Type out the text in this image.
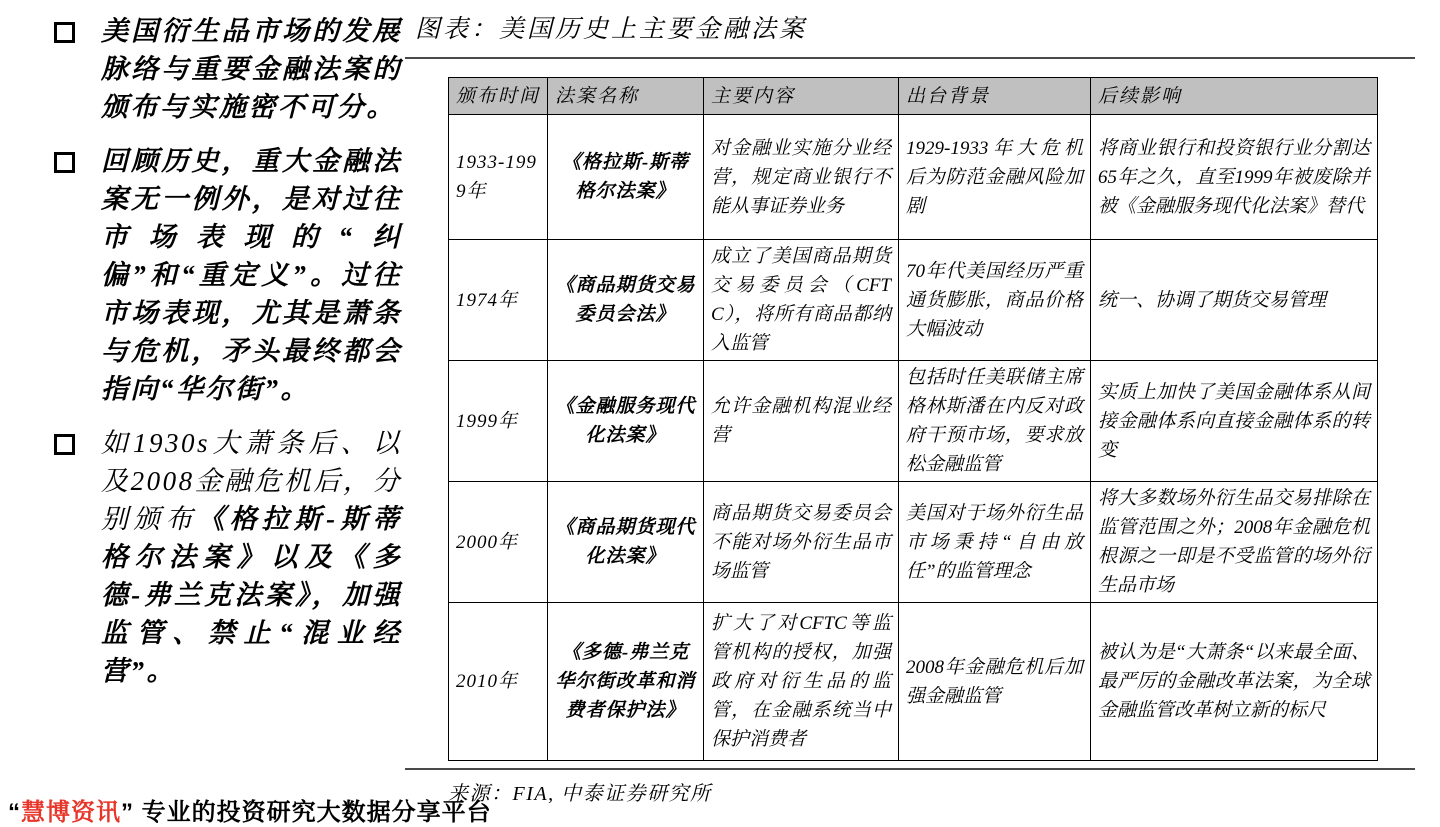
美国衍生品市场的发展脉络与重要金融法案的颁布与实施密不可分。

回顾历史，重大金融法案无一例外，是对过往市场表现的“纠偏”和“重定义”。过往市场表现，尤其是萧条与危机，矛头最终都会指向“华尔街”。

如1930s大萧条后、以及2008金融危机后，分别颁布《格拉斯-斯蒂格尔法案》以及《多德-弗兰克法案》，加强监管、禁止“混业经营”。

图表：美国历史上主要金融法案
颁布时间	法案名称	主要内容	出台背景	后续影响
1933-1999年	《格拉斯-斯蒂格尔法案》	对金融业实施分业经营，规定商业银行不能从事证券业务	1929-1933年大危机后为防范金融风险加剧	将商业银行和投资银行业分割达65年之久，直至1999年被废除并被《金融服务现代化法案》替代
1974年	《商品期货交易委员会法》	成立了美国商品期货交易委员会（CFTC），将所有商品都纳入监管	70年代美国经历严重通货膨胀，商品价格大幅波动	统一、协调了期货交易管理
1999年	《金融服务现代化法案》	允许金融机构混业经营	包括时任美联储主席格林斯潘在内反对政府干预市场，要求放松金融监管	实质上加快了美国金融体系从间接金融体系向直接金融体系的转变
2000年	《商品期货现代化法案》	商品期货交易委员会不能对场外衍生品市场监管	美国对于场外衍生品市场秉持“自由放任”的监管理念	将大多数场外衍生品交易排除在监管范围之外；2008年金融危机根源之一即是不受监管的场外衍生品市场
2010年	《多德-弗兰克华尔街改革和消费者保护法》	扩大了对CFTC等监管机构的授权，加强政府对衍生品的监管，在金融系统当中保护消费者	2008年金融危机后加强金融监管	被认为是“大萧条“以来最全面、最严厉的金融改革法案，为全球金融监管改革树立新的标尺

来源：FIA, 中泰证券研究所

“慧博资讯” 专业的投资研究大数据分享平台
